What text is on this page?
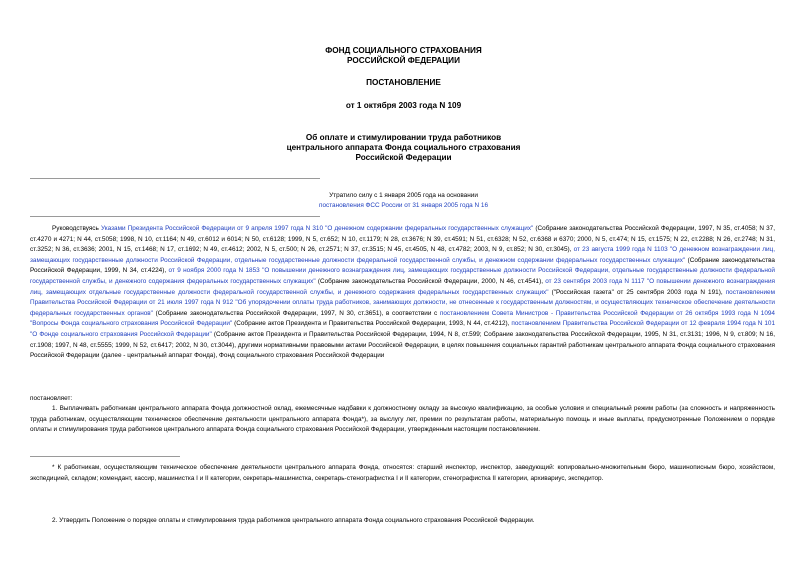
ФОНД СОЦИАЛЬНОГО СТРАХОВАНИЯ
РОССИЙСКОЙ ФЕДЕРАЦИИ
ПОСТАНОВЛЕНИЕ
от 1 октября 2003 года N 109
Об оплате и стимулировании труда работников
центрального аппарата Фонда социального страхования
Российской Федерации
Утратило силу с 1 января 2005 года на основании
постановления ФСС России от 31 января 2005 года N 16

Руководствуясь Указами Президента Российской Федерации от 9 апреля 1997 года N 310 "О денежном содержании федеральных государственных служащих" (Собрание законодательства Российской Федерации, 1997, N 35, ст.4058; N 37, ст.4270 и 4271; N 44, ст.5058; 1998, N 10, ст.1164; N 49, ст.6012 и 6014; N 50, ст.6128; 1999, N 5, ст.652; N 10, ст.1179; N 28, ст.3676; N 39, ст.4591; N 51, ст.6328; N 52, ст.6368 и 6370; 2000, N 5, ст.474; N 15, ст.1575; N 22, ст.2288; N 26, ст.2748; N 31, ст.3252; N 36, ст.3636; 2001, N 15, ст.1468; N 17, ст.1692; N 49, ст.4612; 2002, N 5, ст.500; N 26, ст.2571; N 37, ст.3515; N 45, ст.4505, N 48, ст.4782; 2003, N 9, ст.852; N 30, ст.3045), от 23 августа 1999 года N 1103 "О денежном вознаграждении лиц, замещающих государственные должности Российской Федерации, отдельные государственные должности федеральной государственной службы, и денежном содержании федеральных государственных служащих" (Собрание законодательства Российской Федерации, 1999, N 34, ст.4224), от 9 ноября 2000 года N 1853 "О повышении денежного вознаграждения лиц, замещающих государственные должности Российской Федерации, отдельные государственные должности федеральной государственной службы, и денежного содержания федеральных государственных служащих" (Собрание законодательства Российской Федерации, 2000, N 46, ст.4541), от 23 сентября 2003 года N 1117 "О повышении денежного вознаграждения лиц, замещающих отдельные государственные должности федеральной государственной службы, и денежного содержания федеральных государственных служащих" ("Российская газета" от 25 сентября 2003 года N 191), постановлением Правительства Российской Федерации от 21 июля 1997 года N 912 "Об упорядочении оплаты труда работников, занимающих должности, не отнесенные к государственным должностям, и осуществляющих техническое обеспечение деятельности федеральных государственных органов" (Собрание законодательства Российской Федерации, 1997, N 30, ст.3651), в соответствии с постановлением Совета Министров - Правительства Российской Федерации от 26 октября 1993 года N 1094 "Вопросы Фонда социального страхования Российской Федерации" (Собрание актов Президента и Правительства Российской Федерации, 1993, N 44, ст.4212), постановлением Правительства Российской Федерации от 12 февраля 1994 года N 101 "О Фонде социального страхования Российской Федерации" (Собрание актов Президента и Правительства Российской Федерации, 1994, N 8, ст.599; Собрание законодательства Российской Федерации, 1995, N 31, ст.3131; 1996, N 9, ст.809; N 16, ст.1908; 1997, N 48, ст.5555; 1999, N 52, ст.6417; 2002, N 30, ст.3044), другими нормативными правовыми актами Российской Федерации, в целях повышения социальных гарантий работникам центрального аппарата Фонда социального страхования Российской Федерации (далее - центральный аппарат Фонда), Фонд социального страхования Российской Федерации

постановляет:

1. Выплачивать работникам центрального аппарата Фонда должностной оклад, ежемесячные надбавки к должностному окладу за высокую квалификацию, за особые условия и специальный режим работы (за сложность и напряженность труда работникам, осуществляющим техническое обеспечение деятельности центрального аппарата Фонда*), за выслугу лет, премии по результатам работы, материальную помощь и иные выплаты, предусмотренные Положением о порядке оплаты и стимулирования труда работников центрального аппарата Фонда социального страхования Российской Федерации, утвержденным настоящим постановлением.

* К работникам, осуществляющим техническое обеспечение деятельности центрального аппарата Фонда, относятся: старший инспектор, инспектор, заведующий: копировально-множительным бюро, машинописным бюро, хозяйством, экспедицией, складом; комендант, кассир, машинистка I и II категории, секретарь-машинистка, секретарь-стенографистка I и II категории, стенографистка II категории, архивариус, экспедитор.

2. Утвердить Положение о порядке оплаты и стимулирования труда работников центрального аппарата Фонда социального страхования Российской Федерации.
